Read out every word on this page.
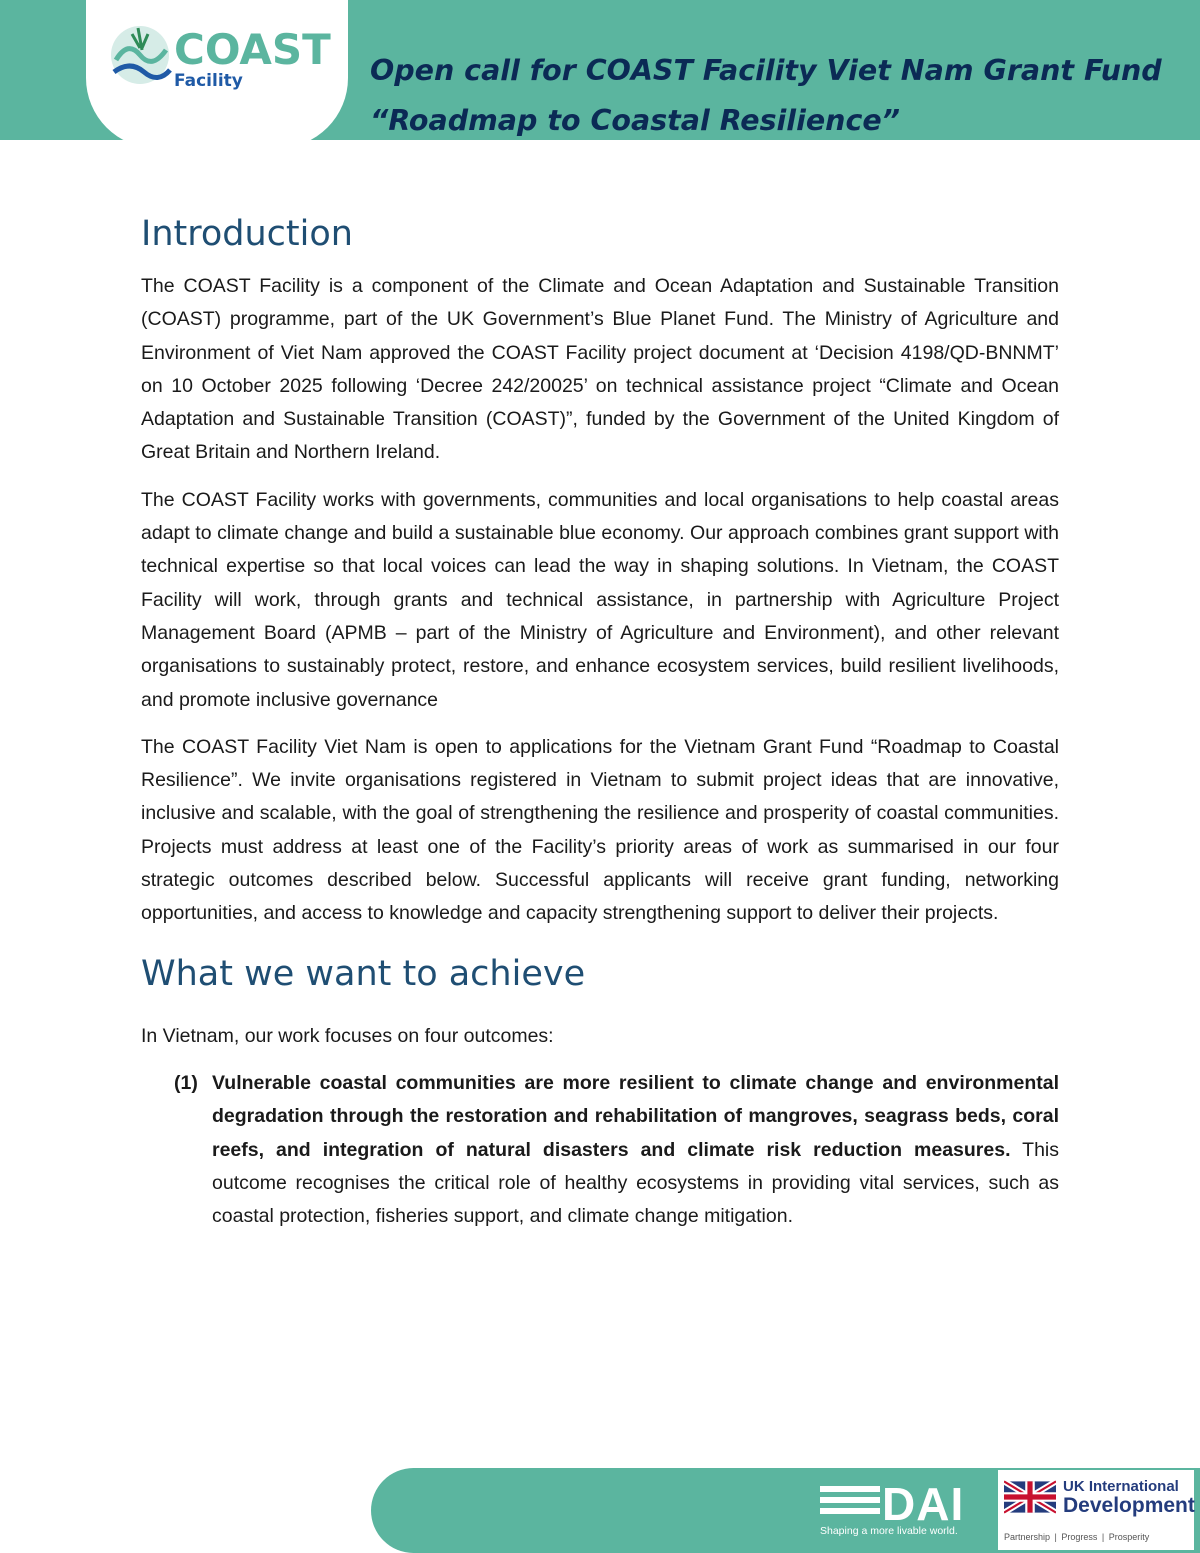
COAST
Facility	Open call for COAST Facility Viet Nam Grant Fund
“Roadmap to Coastal Resilience”
Introduction

The COAST Facility is a component of the Climate and Ocean Adaptation and Sustainable Transition (COAST) programme, part of the UK Government’s Blue Planet Fund. The Ministry of Agriculture and Environment of Viet Nam approved the COAST Facility project document at ‘Decision 4198/QD-BNNMT’ on 10 October 2025 following ‘Decree 242/20025’ on technical assistance project “Climate and Ocean Adaptation and Sustainable Transition (COAST)”, funded by the Government of the United Kingdom of Great Britain and Northern Ireland.

The COAST Facility works with governments, communities and local organisations to help coastal areas adapt to climate change and build a sustainable blue economy. Our approach combines grant support with technical expertise so that local voices can lead the way in shaping solutions. In Vietnam, the COAST Facility will work, through grants and technical assistance, in partnership with Agriculture Project Management Board (APMB – part of the Ministry of Agriculture and Environment), and other relevant organisations to sustainably protect, restore, and enhance ecosystem services, build resilient livelihoods, and promote inclusive governance

The COAST Facility Viet Nam is open to applications for the Vietnam Grant Fund “Roadmap to Coastal Resilience”. We invite organisations registered in Vietnam to submit project ideas that are innovative, inclusive and scalable, with the goal of strengthening the resilience and prosperity of coastal communities. Projects must address at least one of the Facility’s priority areas of work as summarised in our four strategic outcomes described below. Successful applicants will receive grant funding, networking opportunities, and access to knowledge and capacity strengthening support to deliver their projects.

What we want to achieve

In Vietnam, our work focuses on four outcomes:

(1) Vulnerable coastal communities are more resilient to climate change and environmental degradation through the restoration and rehabilitation of mangroves, seagrass beds, coral reefs, and integration of natural disasters and climate risk reduction measures. This outcome recognises the critical role of healthy ecosystems in providing vital services, such as coastal protection, fisheries support, and climate change mitigation.
DAI
Shaping a more livable world.
UK International
Development
Partnership | Progress | Prosperity
